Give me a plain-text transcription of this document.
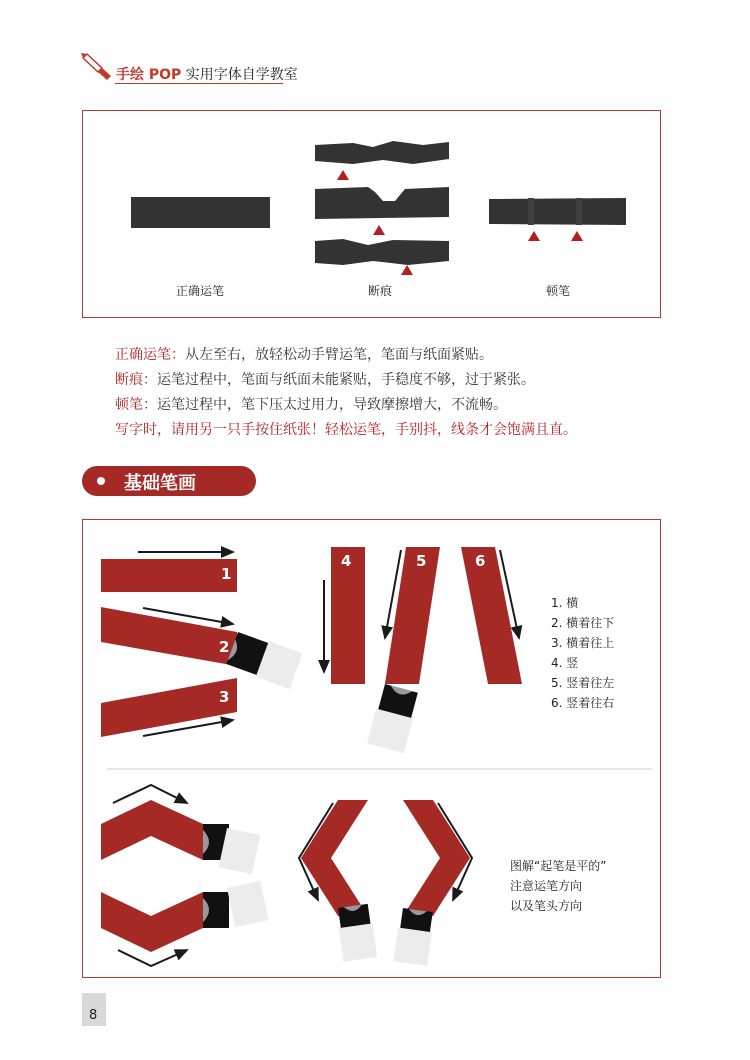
手绘 POP 实用字体自学教室
正确运笔	断痕	顿笔
正确运笔：从左至右，放轻松动手臂运笔，笔面与纸面紧贴。
断痕：运笔过程中，笔面与纸面未能紧贴，手稳度不够，过于紧张。
顿笔：运笔过程中，笔下压太过用力，导致摩擦增大，不流畅。
写字时，请用另一只手按住纸张！轻松运笔，手别抖，线条才会饱满且直。
基础笔画
1
2
3
4	5	6
1. 横
2. 横着往下
3. 横着往上
4. 竖
5. 竖着往左
6. 竖着往右
图解“起笔是平的”
注意运笔方向
以及笔头方向
8
